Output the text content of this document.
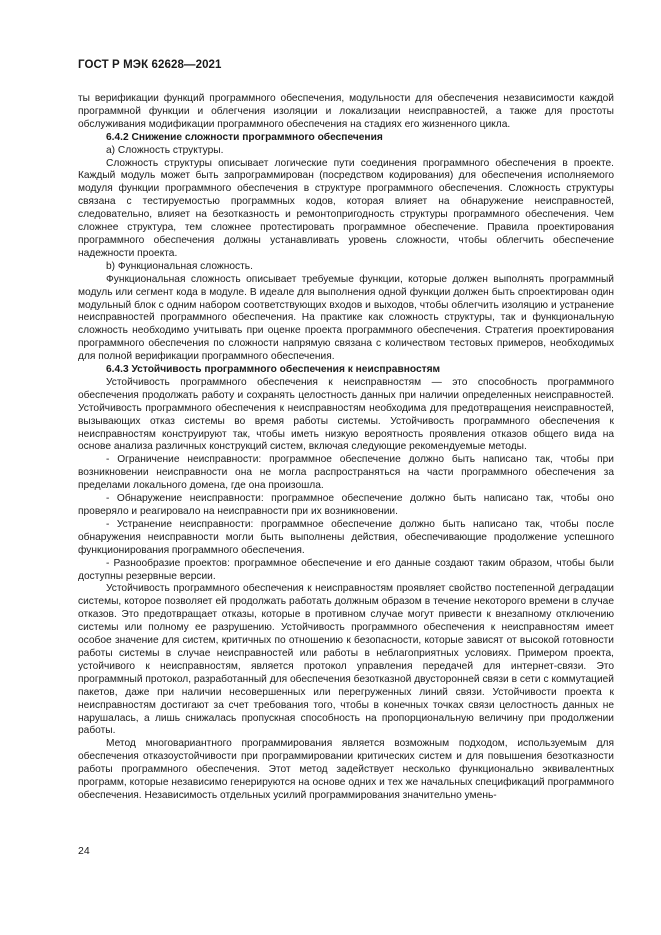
ГОСТ Р МЭК 62628—2021

ты верификации функций программного обеспечения, модульности для обеспечения независимости каждой программной функции и облегчения изоляции и локализации неисправностей, а также для простоты обслуживания модификации программного обеспечения на стадиях его жизненного цикла.

6.4.2 Снижение сложности программного обеспечения

а) Сложность структуры.

Сложность структуры описывает логические пути соединения программного обеспечения в проекте. Каждый модуль может быть запрограммирован (посредством кодирования) для обеспечения исполняемого модуля функции программного обеспечения в структуре программного обеспечения. Сложность структуры связана с тестируемостью программных кодов, которая влияет на обнаружение неисправностей, следовательно, влияет на безотказность и ремонтопригодность структуры программного обеспечения. Чем сложнее структура, тем сложнее протестировать программное обеспечение. Правила проектирования программного обеспечения должны устанавливать уровень сложности, чтобы облегчить обеспечение надежности проекта.

b) Функциональная сложность.

Функциональная сложность описывает требуемые функции, которые должен выполнять программный модуль или сегмент кода в модуле. В идеале для выполнения одной функции должен быть спроектирован один модульный блок с одним набором соответствующих входов и выходов, чтобы облегчить изоляцию и устранение неисправностей программного обеспечения. На практике как сложность структуры, так и функциональную сложность необходимо учитывать при оценке проекта программного обеспечения. Стратегия проектирования программного обеспечения по сложности напрямую связана с количеством тестовых примеров, необходимых для полной верификации программного обеспечения.

6.4.3 Устойчивость программного обеспечения к неисправностям

Устойчивость программного обеспечения к неисправностям — это способность программного обеспечения продолжать работу и сохранять целостность данных при наличии определенных неисправностей. Устойчивость программного обеспечения к неисправностям необходима для предотвращения неисправностей, вызывающих отказ системы во время работы системы. Устойчивость программного обеспечения к неисправностям конструируют так, чтобы иметь низкую вероятность проявления отказов общего вида на основе анализа различных конструкций систем, включая следующие рекомендуемые методы.

- Ограничение неисправности: программное обеспечение должно быть написано так, чтобы при возникновении неисправности она не могла распространяться на части программного обеспечения за пределами локального домена, где она произошла.

- Обнаружение неисправности: программное обеспечение должно быть написано так, чтобы оно проверяло и реагировало на неисправности при их возникновении.

- Устранение неисправности: программное обеспечение должно быть написано так, чтобы после обнаружения неисправности могли быть выполнены действия, обеспечивающие продолжение успешного функционирования программного обеспечения.

- Разнообразие проектов: программное обеспечение и его данные создают таким образом, чтобы были доступны резервные версии.

Устойчивость программного обеспечения к неисправностям проявляет свойство постепенной деградации системы, которое позволяет ей продолжать работать должным образом в течение некоторого времени в случае отказов. Это предотвращает отказы, которые в противном случае могут привести к внезапному отключению системы или полному ее разрушению. Устойчивость программного обеспечения к неисправностям имеет особое значение для систем, критичных по отношению к безопасности, которые зависят от высокой готовности работы системы в случае неисправностей или работы в неблагоприятных условиях. Примером проекта, устойчивого к неисправностям, является протокол управления передачей для интернет-связи. Это программный протокол, разработанный для обеспечения безотказной двусторонней связи в сети с коммутацией пакетов, даже при наличии несовершенных или перегруженных линий связи. Устойчивости проекта к неисправностям достигают за счет требования того, чтобы в конечных точках связи целостность данных не нарушалась, а лишь снижалась пропускная способность на пропорциональную величину при продолжении работы.

Метод многовариантного программирования является возможным подходом, используемым для обеспечения отказоустойчивости при программировании критических систем и для повышения безотказности работы программного обеспечения. Этот метод задействует несколько функционально эквивалентных программ, которые независимо генерируются на основе одних и тех же начальных спецификаций программного обеспечения. Независимость отдельных усилий программирования значительно умень-

24
